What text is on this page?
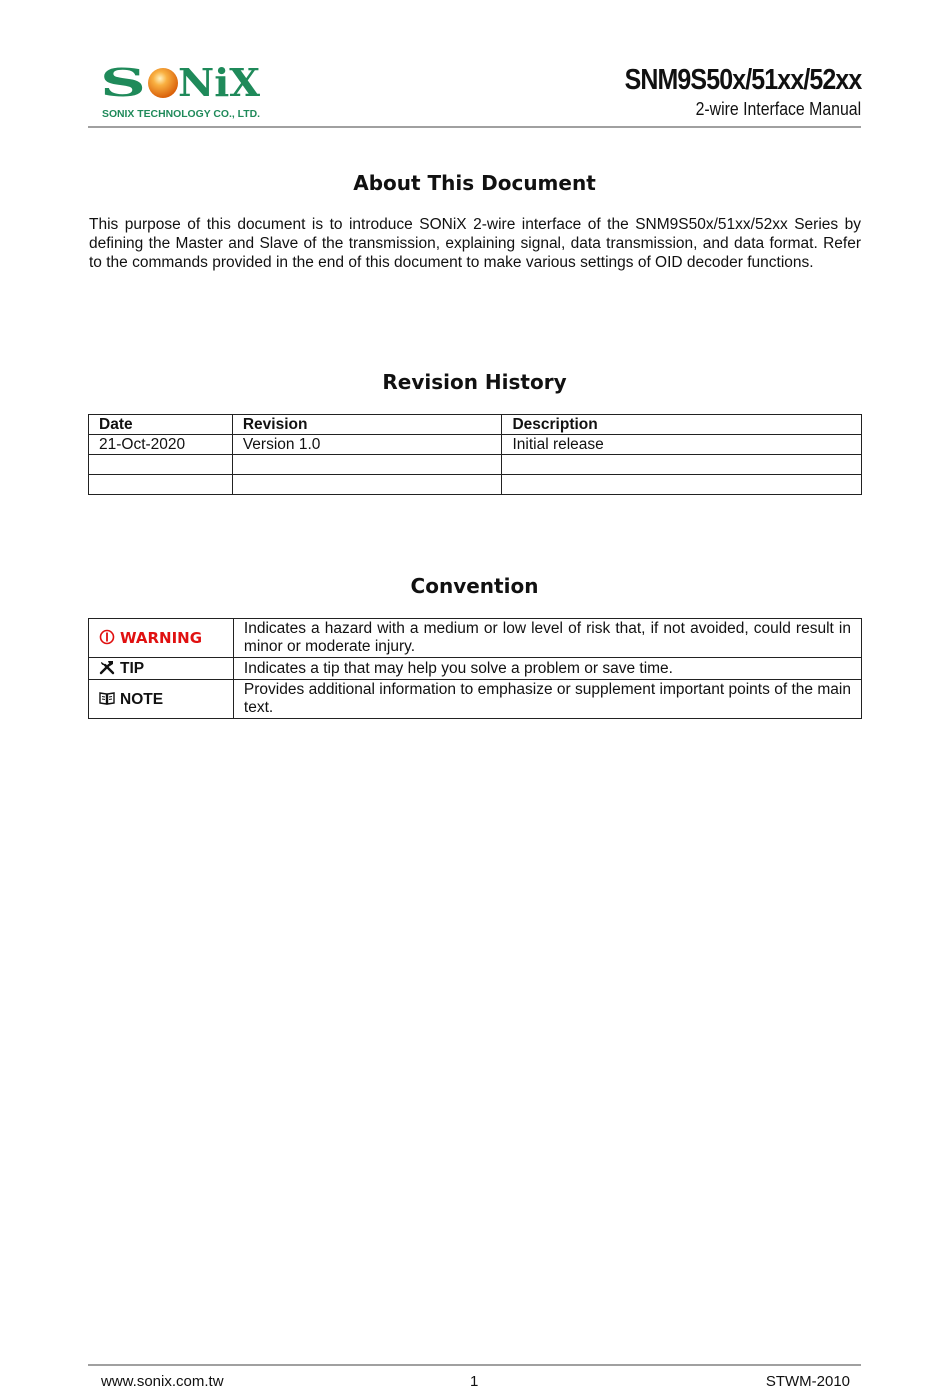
S NiX
SONIX TECHNOLOGY CO., LTD.
SNM9S50x/51xx/52xx
2-wire Interface Manual
About This Document

This purpose of this document is to introduce SONiX 2-wire interface of the SNM9S50x/51xx/52xx Series by defining the Master and Slave of the transmission, explaining signal, data transmission, and data format. Refer to the commands provided in the end of this document to make various settings of OID decoder functions.

Revision History
Date	Revision	Description
21-Oct-2020	Version 1.0	Initial release

Convention
WARNING	Indicates a hazard with a medium or low level of risk that, if not avoided, could result in minor or moderate injury.
TIP	Indicates a tip that may help you solve a problem or save time.
NOTE	Provides additional information to emphasize or supplement important points of the main text.
www.sonix.com.tw	1	STWM-2010
